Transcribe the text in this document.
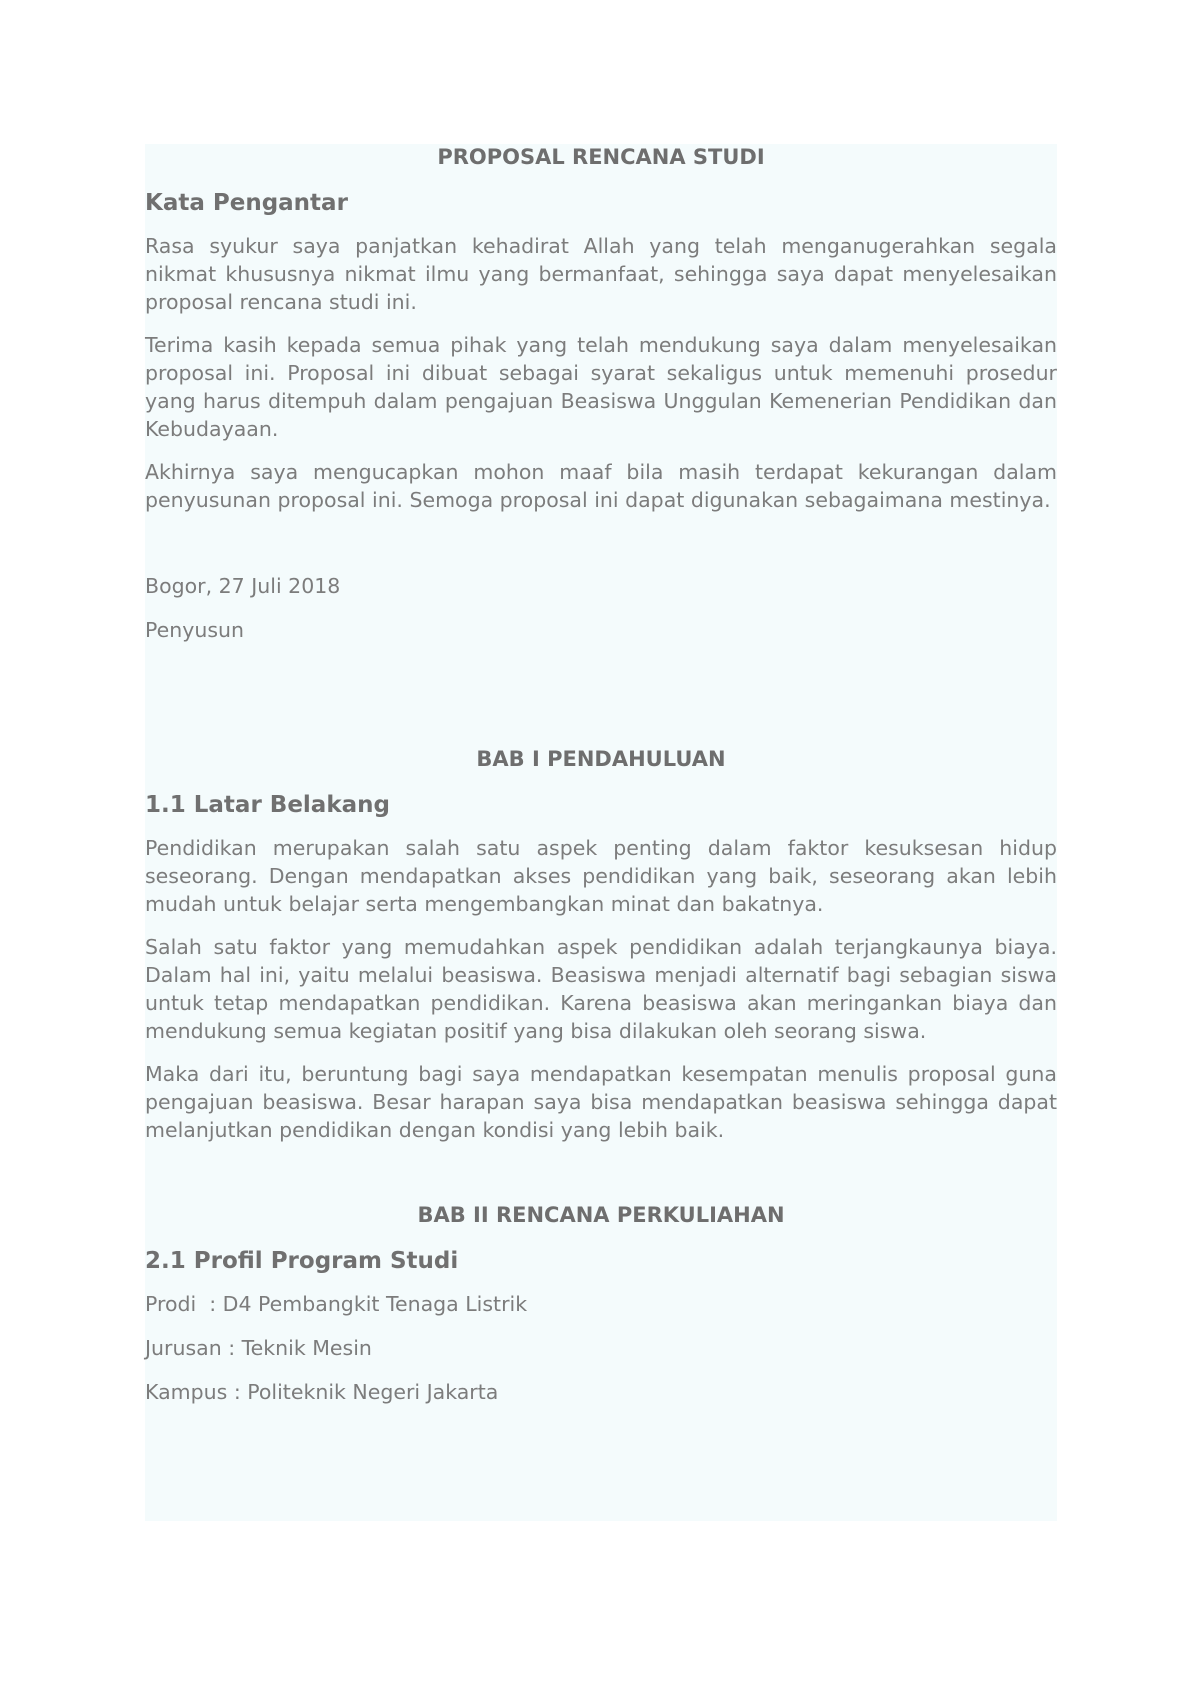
PROPOSAL RENCANA STUDI
Kata Pengantar

Rasa syukur saya panjatkan kehadirat Allah yang telah menganugerahkan segala nikmat khususnya nikmat ilmu yang bermanfaat, sehingga saya dapat menyelesaikan proposal rencana studi ini.

Terima kasih kepada semua pihak yang telah mendukung saya dalam menyelesaikan proposal ini. Proposal ini dibuat sebagai syarat sekaligus untuk memenuhi prosedur yang harus ditempuh dalam pengajuan Beasiswa Unggulan Kemenerian Pendidikan dan Kebudayaan.

Akhirnya saya mengucapkan mohon maaf bila masih terdapat kekurangan dalam penyusunan proposal ini. Semoga proposal ini dapat digunakan sebagaimana mestinya.

Bogor, 27 Juli 2018

Penyusun

BAB I PENDAHULUAN
1.1 Latar Belakang

Pendidikan merupakan salah satu aspek penting dalam faktor kesuksesan hidup seseorang. Dengan mendapatkan akses pendidikan yang baik, seseorang akan lebih mudah untuk belajar serta mengembangkan minat dan bakatnya.

Salah satu faktor yang memudahkan aspek pendidikan adalah terjangkaunya biaya. Dalam hal ini, yaitu melalui beasiswa. Beasiswa menjadi alternatif bagi sebagian siswa untuk tetap mendapatkan pendidikan. Karena beasiswa akan meringankan biaya dan mendukung semua kegiatan positif yang bisa dilakukan oleh seorang siswa.

Maka dari itu, beruntung bagi saya mendapatkan kesempatan menulis proposal guna pengajuan beasiswa. Besar harapan saya bisa mendapatkan beasiswa sehingga dapat melanjutkan pendidikan dengan kondisi yang lebih baik.

BAB II RENCANA PERKULIAHAN
2.1 Profil Program Studi

Prodi  : D4 Pembangkit Tenaga Listrik

Jurusan : Teknik Mesin

Kampus : Politeknik Negeri Jakarta
